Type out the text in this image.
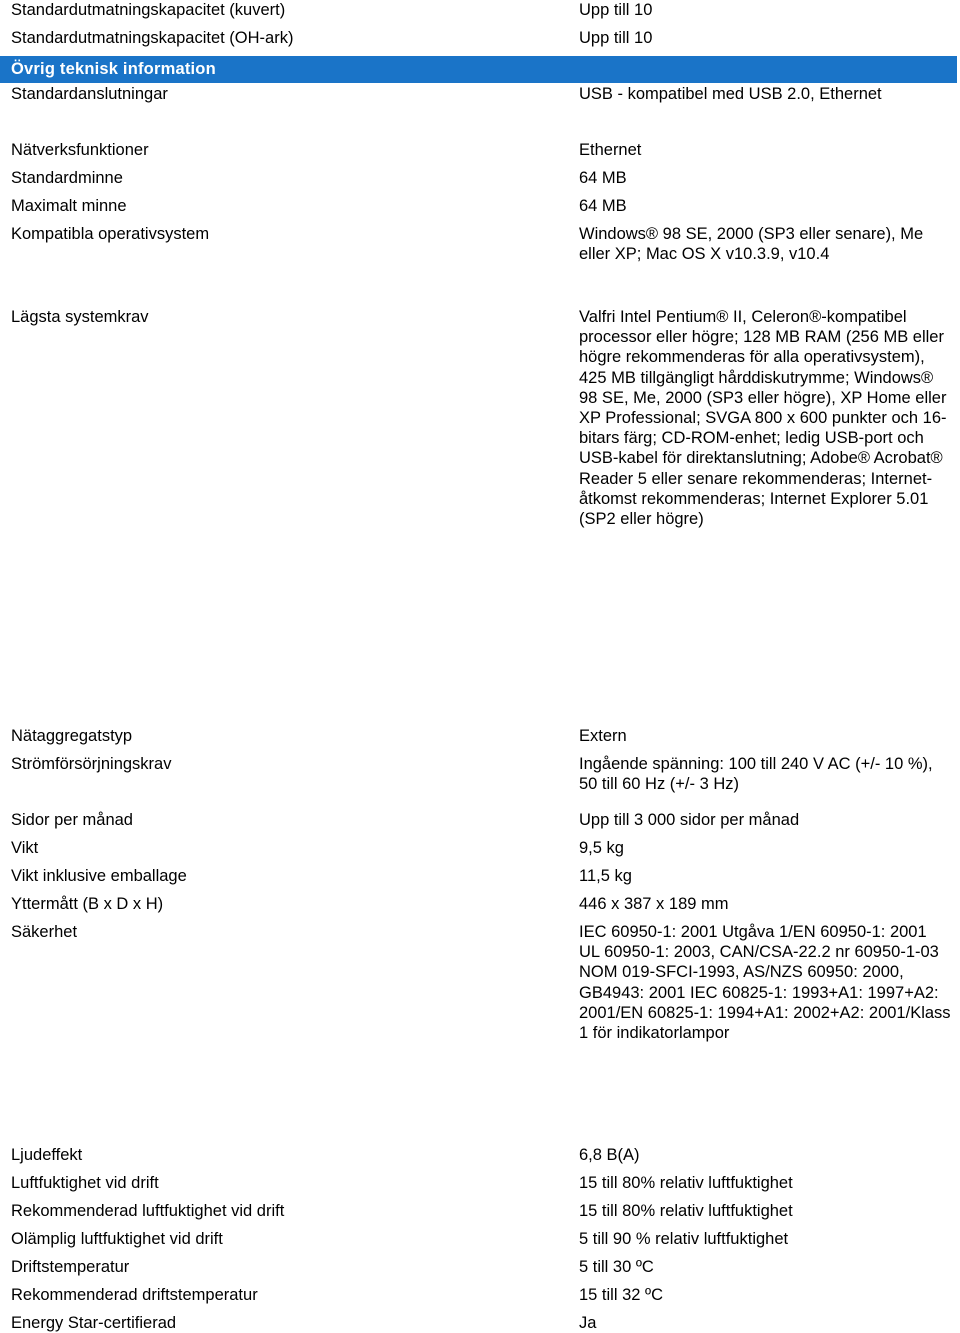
Standardutmatningskapacitet (kuvert)	Upp till 10
Standardutmatningskapacitet (OH-ark)	Upp till 10
Övrig teknisk information
Standardanslutningar	USB - kompatibel med USB 2.0, Ethernet
Nätverksfunktioner	Ethernet
Standardminne	64 MB
Maximalt minne	64 MB
Kompatibla operativsystem	Windows® 98 SE, 2000 (SP3 eller senare), Me eller XP; Mac OS X v10.3.9, v10.4
Lägsta systemkrav	Valfri Intel Pentium® II, Celeron®-kompatibel processor eller högre; 128 MB RAM (256 MB eller högre rekommenderas för alla operativsystem), 425 MB tillgängligt hårddiskutrymme; Windows® 98 SE, Me, 2000 (SP3 eller högre), XP Home eller XP Professional; SVGA 800 x 600 punkter och 16-bitars färg; CD-ROM-enhet; ledig USB-port och USB-kabel för direktanslutning; Adobe® Acrobat® Reader 5 eller senare rekommenderas; Internet-åtkomst rekommenderas; Internet Explorer 5.01 (SP2 eller högre)
Nätaggregatstyp	Extern
Strömförsörjningskrav	Ingående spänning: 100 till 240 V AC (+/- 10 %), 50 till 60 Hz (+/- 3 Hz)
Sidor per månad	Upp till 3 000 sidor per månad
Vikt	9,5 kg
Vikt inklusive emballage	11,5 kg
Yttermått (B x D x H)	446 x 387 x 189 mm
Säkerhet	IEC 60950-1: 2001 Utgåva 1/EN 60950-1: 2001 UL 60950-1: 2003, CAN/CSA-22.2 nr 60950-1-03 NOM 019-SFCI-1993, AS/NZS 60950: 2000, GB4943: 2001 IEC 60825-1: 1993+A1: 1997+A2: 2001/EN 60825-1: 1994+A1: 2002+A2: 2001/Klass 1 för indikatorlampor
Ljudeffekt	6,8 B(A)
Luftfuktighet vid drift	15 till 80% relativ luftfuktighet
Rekommenderad luftfuktighet vid drift	15 till 80% relativ luftfuktighet
Olämplig luftfuktighet vid drift	5 till 90 % relativ luftfuktighet
Driftstemperatur	5 till 30 ºC
Rekommenderad driftstemperatur	15 till 32 ºC
Energy Star-certifierad	Ja
